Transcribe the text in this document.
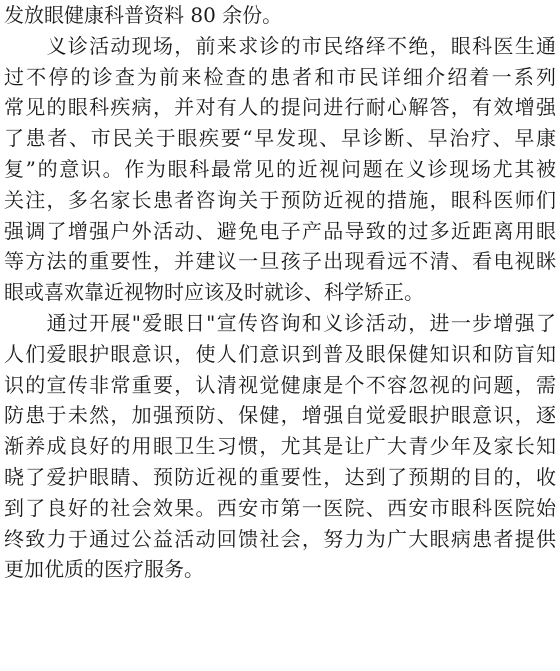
发放眼健康科普资料 80 余份。
　　义诊活动现场，前来求诊的市民络绎不绝，眼科医生通
过不停的诊查为前来检查的患者和市民详细介绍着一系列
常见的眼科疾病，并对有人的提问进行耐心解答，有效增强
了患者、市民关于眼疾要“早发现、早诊断、早治疗、早康
复”的意识。作为眼科最常见的近视问题在义诊现场尤其被
关注，多名家长患者咨询关于预防近视的措施，眼科医师们
强调了增强户外活动、避免电子产品导致的过多近距离用眼
等方法的重要性，并建议一旦孩子出现看远不清、看电视眯
眼或喜欢靠近视物时应该及时就诊、科学矫正。
　　通过开展"爱眼日"宣传咨询和义诊活动，进一步增强了
人们爱眼护眼意识，使人们意识到普及眼保健知识和防盲知
识的宣传非常重要，认清视觉健康是个不容忽视的问题，需
防患于未然，加强预防、保健，增强自觉爱眼护眼意识，逐
渐养成良好的用眼卫生习惯，尤其是让广大青少年及家长知
晓了爱护眼睛、预防近视的重要性，达到了预期的目的，收
到了良好的社会效果。西安市第一医院、西安市眼科医院始
终致力于通过公益活动回馈社会，努力为广大眼病患者提供
更加优质的医疗服务。
